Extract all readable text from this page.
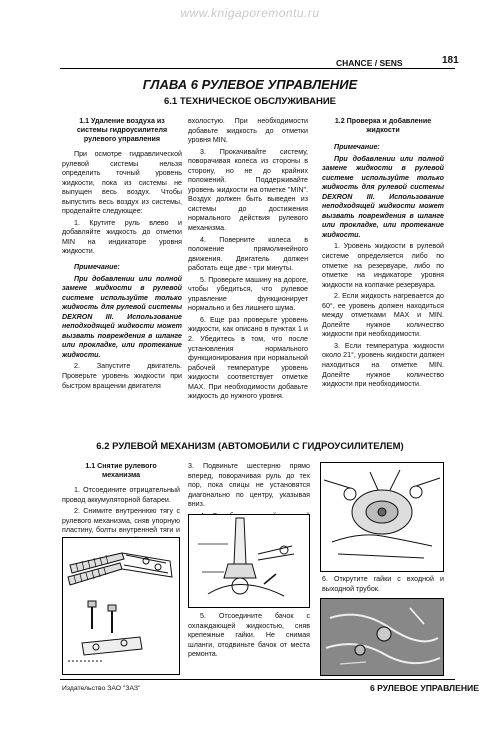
www.knigaporemontu.ru
CHANCE / SENS	181
ГЛАВА 6 РУЛЕВОЕ УПРАВЛЕНИЕ
6.1 ТЕХНИЧЕСКОЕ ОБСЛУЖИВАНИЕ
1.1 Удаление воздуха из
системы гидроусилителя
рулевого управления

При осмотре гидравлической рулевой системы нельзя определить точный уровень жидкости, пока из системы не выпущен весь воздух. Чтобы выпустить весь воздух из системы, проделайте следующее:

1. Крутите руль влево и добавляйте жидкость до отметки MIN на индикаторе уровня жидкости.

Примечание:

При добавлении или полной замене жидкости в рулевой системе используйте только жидкость для рулевой системы DEXRON III. Использование неподходящей жидкости может вызвать повреждения в шланге или прокладке, или протекание жидкости.

2. Запустите двигатель. Проверьте уровень жидкости при быстром вращении двигателя

вхолостую. При необходимости добавьте жидкость до отметки уровня MIN.

3. Прокачивайте систему, поворачивая колеса из стороны в сторону, но не до крайних положений. Поддерживайте уровень жидкости на отметке "MIN". Воздух должен быть выведен из системы до достижения нормального действия рулевого механизма.

4. Поверните колеса в положение прямолинейного движения. Двигатель должен работать еще две - три минуты.

5. Проверьте машину на дороге, чтобы убедиться, что рулевое управление функционирует нормально и без лишнего шума.

6. Еще раз проверьте уровень жидкости, как описано в пунктах 1 и 2. Убедитесь в том, что после установления нормального функционирования при нормальной рабочей температуре уровень жидкости соответствует отметке MAX. При необходимости добавьте жидкость до нужного уровня.

1.2 Проверка и добавление
жидкости

Примечание:

При добавлении или полной замене жидкости в рулевой системе используйте только жидкость для рулевой системы DEXRON III. Использование неподходящей жидкости может вызвать повреждения в шланге или прокладке, или протекание жидкости.

1. Уровень жидкости в рулевой системе определяется либо по отметке на резервуаре, либо по отметке на индикаторе уровня жидкости на колпачке резервуара.

2. Если жидкость нагревается до 60°, ее уровень должен находиться между отметками MAX и MIN. Долейте нужное количество жидкости при необходимости.

3. Если температура жидкости около 21°, уровень жидкости должен находиться на отметке MIN. Долейте нужное количество жидкости при необходимости.

6.2 РУЛЕВОЙ МЕХАНИЗМ (АВТОМОБИЛИ С ГИДРОУСИЛИТЕЛЕМ)
1.1 Снятие рулевого
механизма

1. Отсоедините отрицательный провод аккумуляторной батареи.

2. Снимите внутреннюю тягу с рулевого механизма, сняв упорную пластину, болты внутренней тяги и

3. Подвиньте шестерню прямо вперед, поворачивая руль до тех пор, пока спицы не установятся диагонально по центру, указывая вниз.

5. Отсоедините бачок с охлаждающей жидкостью, сняв крепежные гайки. Не снимая шланги, отодвиньте бачок от места ремонта.

6. Открутите гайки с входной и выходной трубок.
Издательство ЗАО "ЗАЗ"	6 РУЛЕВОЕ УПРАВЛЕНИЕ
